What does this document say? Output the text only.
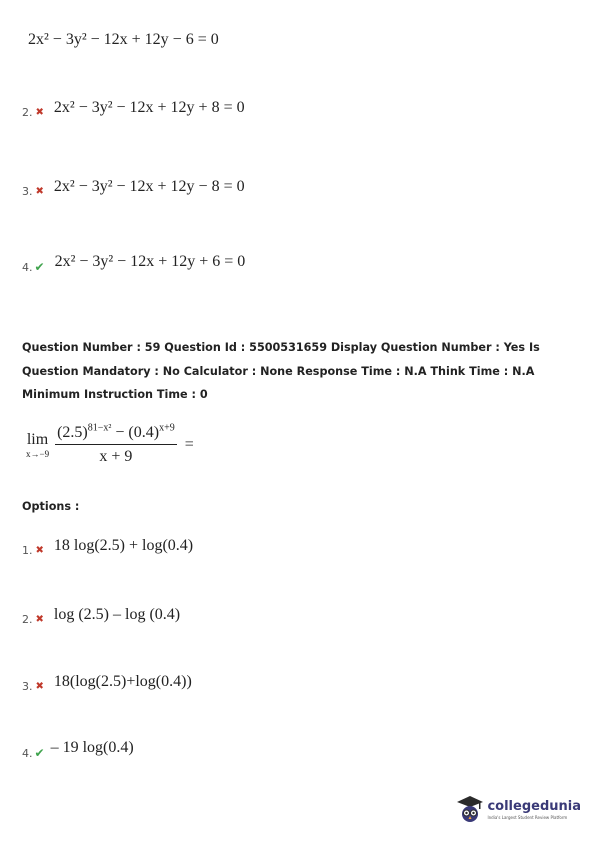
2x² − 3y² − 12x + 12y − 6 = 0
2. ✖ 2x² − 3y² − 12x + 12y + 8 = 0
3. ✖ 2x² − 3y² − 12x + 12y − 8 = 0
4. ✔ 2x² − 3y² − 12x + 12y + 6 = 0
Question Number : 59 Question Id : 5500531659 Display Question Number : Yes Is Question Mandatory : No Calculator : None Response Time : N.A Think Time : N.A Minimum Instruction Time : 0
lim
$x\to-9 \frac{(2.5)^{81-x^2} - (0.4)^{x+9}}{x + 9}$ =
Options :
1. ✖ 18 log(2.5) + log(0.4)
2. ✖ log (2.5) – log (0.4)
3. ✖ 18(log(2.5)+log(0.4))
4. ✔ – 19 log(0.4)
collegedunia
India's Largest Student Review Platform
